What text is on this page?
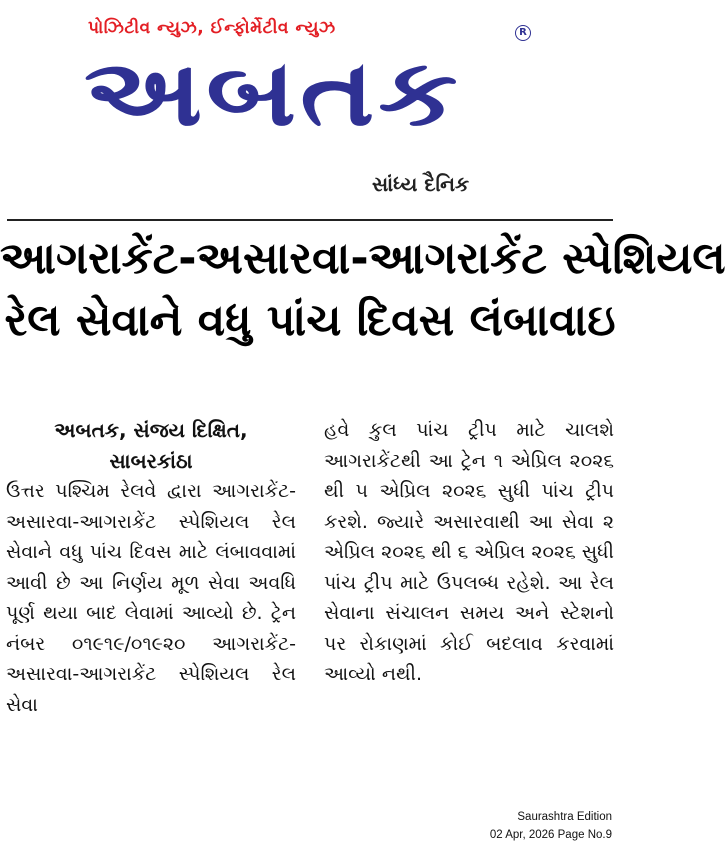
પોઝિટીવ ન્યુઝ, ઈન્ફોર્મેટીવ ન્યુઝ
અબતક
R
સાંધ્ય દૈનિક
આગરાકેંટ-અસારવા-આગરાકેંટ સ્પેશિયલ
રેલ સેવાને વધુ પાંચ દિવસ લંબાવાઇ
અબતક, સંજય દિક્ષિત,
સાબરકાંઠા
ઉત્તર પશ્ચિમ રેલવે દ્વારા આગરાકેંટ-અસારવા-આગરાકેંટ સ્પેશિયલ રેલ સેવાને વધુ પાંચ દિવસ માટે લંબાવવામાં આવી છે આ નિર્ણય મૂળ સેવા અવધિ પૂર્ણ થયા બાદ લેવામાં આવ્યો છે. ટ્રેન નંબર ૦૧૯૧૯/૦૧૯૨૦ આગરાકેંટ-અસારવા-આગરાકેંટ સ્પેશિયલ રેલ સેવા
હવે કુલ પાંચ ટ્રીપ માટે ચાલશે આગરાકેંટથી આ ટ્રેન ૧ એપ્રિલ ૨૦૨૬ થી ૫ એપ્રિલ ૨૦૨૬ સુધી પાંચ ટ્રીપ કરશે. જ્યારે અસારવાથી આ સેવા ૨ એપ્રિલ ૨૦૨૬ થી ૬ એપ્રિલ ૨૦૨૬ સુધી પાંચ ટ્રીપ માટે ઉપલબ્ધ રહેશે. આ રેલ સેવાના સંચાલન સમય અને સ્ટેશનો પર રોકાણમાં કોઈ બદલાવ કરવામાં આવ્યો નથી.
Saurashtra Edition
02 Apr, 2026 Page No.9
